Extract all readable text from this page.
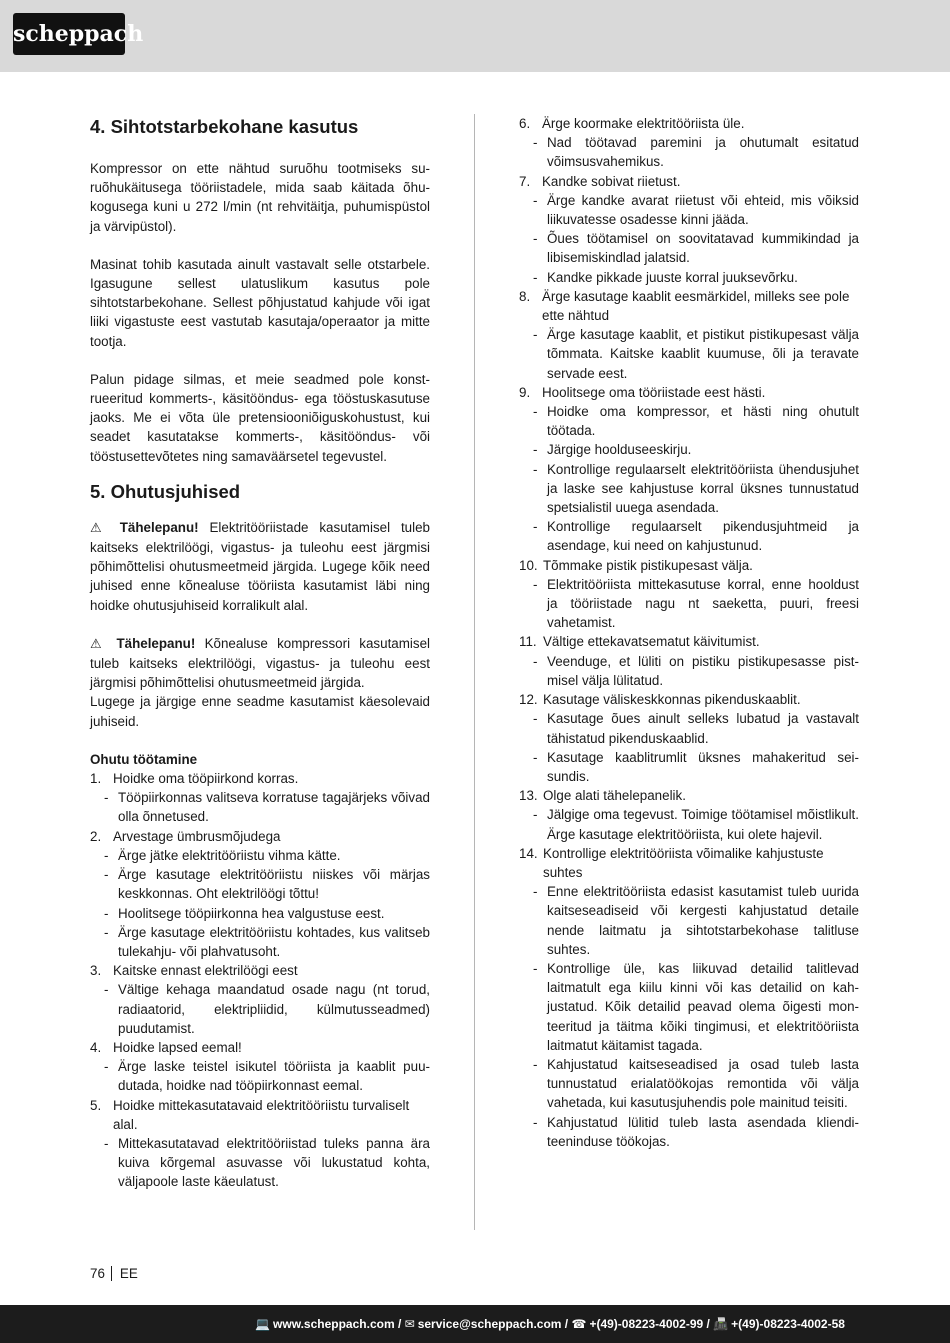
scheppach
4. Sihtotstarbekohane kasutus
Kompressor on ette nähtud suruõhu tootmiseks suruõhukäitusega tööriistadele, mida saab käitada õhukogusega kuni u 272 l/min (nt rehvitäitja, puhumispüstol ja värvipüstol).
Masinat tohib kasutada ainult vastavalt selle otstarbele. Igasugune sellest ulatuslikum kasutus pole sihtotstarbekohane. Sellest põhjustatud kahjude või igat liiki vigastuste eest vastutab kasutaja/operaator ja mitte tootja.
Palun pidage silmas, et meie seadmed pole konstrueeritud kommerts-, käsitööndus- ega tööstuskasutuse jaoks. Me ei võta üle pretensiooniõiguskohustust, kui seadet kasutatakse kommerts-, käsitööndus- või tööstusettevõtetes ning samaväärsetel tegevustel.
5. Ohutusjuhised
⚠ Tähelepanu! Elektritööriistade kasutamisel tuleb kaitseks elektrilöögi, vigastus- ja tuleohu eest järgmisi põhimõttelisi ohutusmeetmeid järgida. Lugege kõik need juhised enne kõnealuse tööriista kasutamist läbi ning hoidke ohutusjuhiseid korralikult alal.
⚠ Tähelepanu! Kõnealuse kompressori kasutamisel tuleb kaitseks elektrilöögi, vigastus- ja tuleohu eest järgmisi põhimõttelisi ohutusmeetmeid järgida.
Lugege ja järgige enne seadme kasutamist käesolevaid juhiseid.
Ohutu töötamine
1. Hoidke oma tööpiirkond korras.
- Tööpiirkonnas valitseva korratuse tagajärjeks võivad olla õnnetused.
2. Arvestage ümbrusmõjudega
- Ärge jätke elektritööriistu vihma kätte.
- Ärge kasutage elektritööriistu niiskes või märjas keskkonnas. Oht elektrilöögi tõttu!
- Hoolitsege tööpiirkonna hea valgustuse eest.
- Ärge kasutage elektritööriistu kohtades, kus valitseb tulekahju- või plahvatusoht.
3. Kaitske ennast elektrilöögi eest
- Vältige kehaga maandatud osade nagu (nt torud, radiaatorid, elektripliidid, külmutusseadmed) puudutamist.
4. Hoidke lapsed eemal!
- Ärge laske teistel isikutel tööriista ja kaablit puudutada, hoidke nad tööpiirkonnast eemal.
5. Hoidke mittekasutatavaid elektritööriistu turvaliselt alal.
- Mittekasutatavad elektritööriistad tuleks panna ära kuiva kõrgemal asuvasse või lukustatud kohta, väljapoole laste käeulatust.
6. Ärge koormake elektritööriista üle.
- Nad töötavad paremini ja ohutumalt esitatud võimsusvahemikus.
7. Kandke sobivat riietust.
- Ärge kandke avarat riietust või ehteid, mis võiksid liikuvatesse osadesse kinni jääda.
- Õues töötamisel on soovitatavad kummikindad ja libisemiskindlad jalatsid.
- Kandke pikkade juuste korral juuksevõrku.
8. Ärge kasutage kaablit eesmärkidel, milleks see pole ette nähtud
- Ärge kasutage kaablit, et pistikut pistikupesast välja tõmmata. Kaitske kaablit kuumuse, õli ja teravate servade eest.
9. Hoolitsege oma tööriistade eest hästi.
- Hoidke oma kompressor, et hästi ning ohutult töötada.
- Järgige hoolduseeskirju.
- Kontrollige regulaarselt elektritööriista ühendusjuhet ja laske see kahjustuse korral üksnes tunnustatud spetsialistil uuega asendada.
- Kontrollige regulaarselt pikendusjuhtmeid ja asendage, kui need on kahjustunud.
10. Tõmmake pistik pistikupesast välja.
- Elektritööriista mittekasutuse korral, enne hooldust ja tööriistade nagu nt saeketta, puuri, freesi vahetamist.
11. Vältige ettekavatsematut käivitumist.
- Veenduge, et lüliti on pistiku pistikupesasse pistmisel välja lülitatud.
12. Kasutage väliskeskkonnas pikenduskaablit.
- Kasutage õues ainult selleks lubatud ja vastavalt tähistatud pikenduskaablid.
- Kasutage kaablitrumlit üksnes mahakeritud seisundis.
13. Olge alati tähelepanelik.
- Jälgige oma tegevust. Toimige töötamisel mõistlikult. Ärge kasutage elektritööriista, kui olete hajevil.
14. Kontrollige elektritööriista võimalike kahjustuste suhtes
- Enne elektritööriista edasist kasutamist tuleb uurida kaitseseadiseid või kergesti kahjustatud detaile nende laitmatu ja sihtotstarbekohase talitluse suhtes.
- Kontrollige üle, kas liikuvad detailid talitlevad laitmatult ega kiilu kinni või kas detailid on kahjustatud. Kõik detailid peavad olema õigesti monteeritud ja täitma kõiki tingimusi, et elektritööriista laitmatut käitamist tagada.
- Kahjustatud kaitseseadised ja osad tuleb lasta tunnustatud erialatöökojas remontida või välja vahetada, kui kasutusjuhendis pole mainitud teisiti.
- Kahjustatud lülitid tuleb lasta asendada klienditeeninduse töökojas.
76 EE
💻 www.scheppach.com / ✉ service@scheppach.com / ☎ +(49)-08223-4002-99 / 📠 +(49)-08223-4002-58
